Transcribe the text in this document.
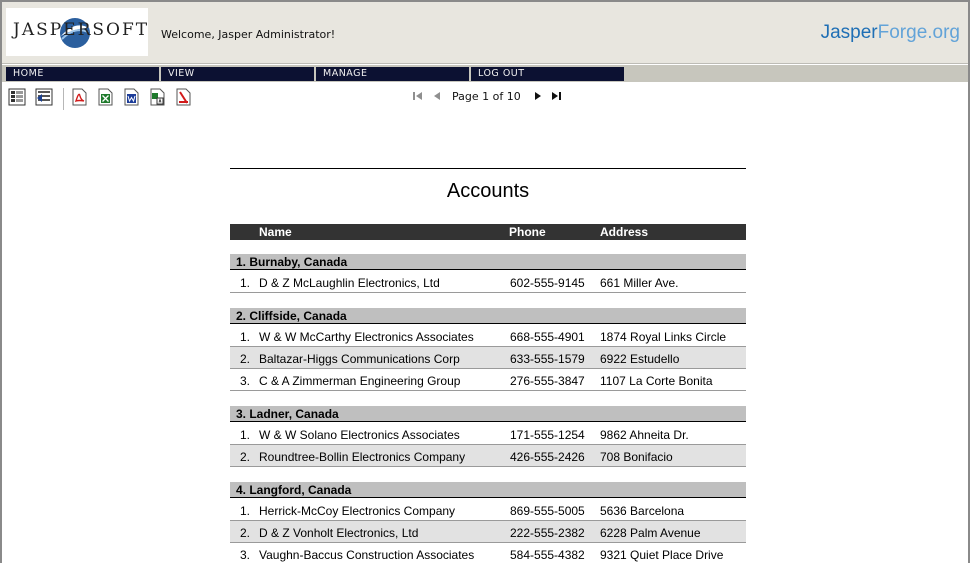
JASPERSOFT Welcome, Jasper Administrator!	JasperForge.org
HOME	VIEW	MANAGE	LOG OUT
Page 1 of 10
Accounts
Name	Phone	Address
1. Burnaby, Canada
1. D & Z McLaughlin Electronics, Ltd	602-555-9145 661 Miller Ave.
2. Cliffside, Canada
1. W & W McCarthy Electronics Associates	668-555-4901 1874 Royal Links Circle
2. Baltazar-Higgs Communications Corp	633-555-1579 6922 Estudello
3. C & A Zimmerman Engineering Group	276-555-3847 1107 La Corte Bonita
3. Ladner, Canada
1. W & W Solano Electronics Associates	171-555-1254 9862 Ahneita Dr.
2. Roundtree-Bollin Electronics Company	426-555-2426 708 Bonifacio
4. Langford, Canada
1. Herrick-McCoy Electronics Company	869-555-5005 5636 Barcelona
2. D & Z Vonholt Electronics, Ltd	222-555-2382 6228 Palm Avenue
3. Vaughn-Baccus Construction Associates	584-555-4382 9321 Quiet Place Drive
